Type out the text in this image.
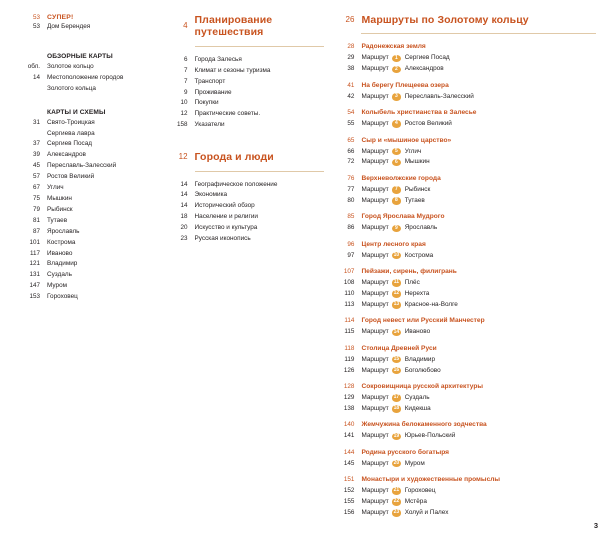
53	СУПЕР!
53	Дом Берендея
ОБЗОРНЫЕ КАРТЫ
обл.	Золотое кольцо
14	Местоположение городов
Золотого кольца
КАРТЫ И СХЕМЫ
31	Свято-Троицкая
Сергиева лавра
37	Сергиев Посад
39	Александров
45	Переславль-Залесский
57	Ростов Великий
67	Углич
75	Мышкин
79	Рыбинск
81	Тутаев
87	Ярославль
101	Кострома
117	Иваново
121	Владимир
131	Суздаль
147	Муром
153	Гороховец
4 Планирование путешествия
6	Города Залесья
7	Климат и сезоны туризма
7	Транспорт
9	Проживание
10	Покупки
12	Практические советы.
158	Указатели
12 Города и люди
14	Географическое положение
14	Экономика
14	Исторический обзор
18	Население и религии
20	Искусство и культура
23	Русская иконопись
26 Маршруты по Золотому кольцу
28	Радонежская земля
29	Маршрут	1	Сергиев Посад
38	Маршрут	2	Александров
41	На берегу Плещеева озера
42	Маршрут	3	Переславль-Залесский
54	Колыбель христианства в Залесье
55	Маршрут	4	Ростов Великий
65	Сыр и «мышиное царство»
66	Маршрут	5	Углич
72	Маршрут	6	Мышкин
76	Верхневолжские города
77	Маршрут	7	Рыбинск
80	Маршрут	8	Тутаев
85	Город Ярослава Мудрого
86	Маршрут	9	Ярославль
96	Центр лесного края
97	Маршрут 10 Кострома
107	Пейзажи, сирень, филигрань
108	Маршрут	11 Плёс
110	Маршрут 12 Нерехта
113	Маршрут 13 Красное-на-Волге
114	Город невест или Русский Манчестер
115	Маршрут 14 Иваново
118	Столица Древней Руси
119	Маршрут 15 Владимир
126	Маршрут 16 Боголюбово
128	Сокровищница русской архитектуры
129	Маршрут 17 Суздаль
138	Маршрут 18 Кидекша
140	Жемчужина белокаменного зодчества
141	Маршрут 19 Юрьев-Польский
144	Родина русского богатыря
145	Маршрут 20 Муром
151	Монастыри и художественные промыслы
152	Маршрут 21 Гороховец
155	Маршрут 22 Мстёра
156	Маршрут 23 Холуй и Палех
3
